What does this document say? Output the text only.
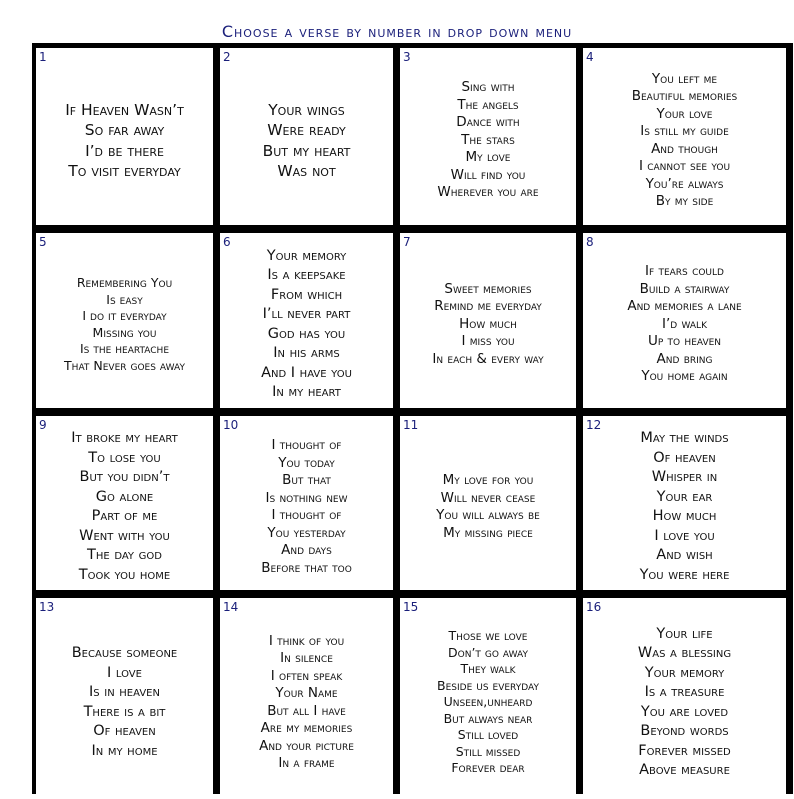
Choose a verse by number in drop down menu
1
If Heaven Wasn’t
So far away
I’d be there
To visit everyday
2
Your wings
Were ready
But my heart
Was not
3
Sing with
The angels
Dance with
The stars
My love
Will find you
Wherever you are
4
You left me
Beautiful memories
Your love
Is still my guide
And though
I cannot see you
You’re always
By my side
5
Remembering You
Is easy
I do it everyday
Missing you
Is the heartache
That Never goes away
6
Your memory
Is a keepsake
From which
I’ll never part
God has you
In his arms
And I have you
In my heart
7
Sweet memories
Remind me everyday
How much
I miss you
In each & every way
8
If tears could
Build a stairway
And memories a lane
I’d walk
Up to heaven
And bring
You home again
9
It broke my heart
To lose you
But you didn’t
Go alone
Part of me
Went with you
The day god
Took you home
10
I thought of
You today
But that
Is nothing new
I thought of
You yesterday
And days
Before that too
11
My love for you
Will never cease
You will always be
My missing piece
12
May the winds
Of heaven
Whisper in
Your ear
How much
I love you
And wish
You were here
13
Because someone
I love
Is in heaven
There is a bit
Of heaven
In my home
14
I think of you
In silence
I often speak
Your Name
But all I have
Are my memories
And your picture
In a frame
15
Those we love
Don’t go away
They walk
Beside us everyday
Unseen,unheard
But always near
Still loved
Still missed
Forever dear
16
Your life
Was a blessing
Your memory
Is a treasure
You are loved
Beyond words
Forever missed
Above measure
